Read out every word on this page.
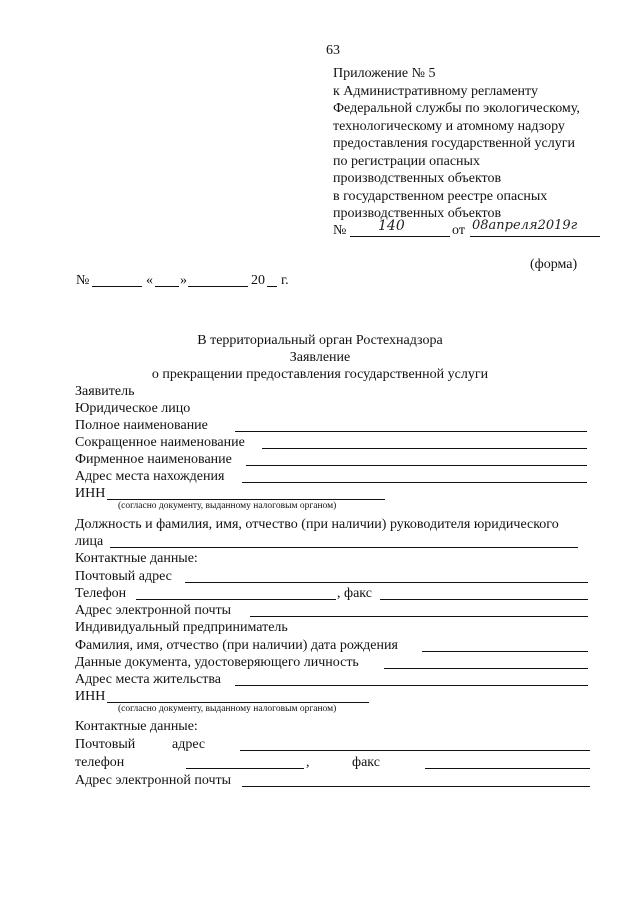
63
Приложение № 5
к Административному регламенту
Федеральной службы по экологическому,
технологическому и атомному надзору
предоставления государственной услуги
по регистрации опасных
производственных объектов
в государственном реестре опасных
производственных объектов
№ 140	от 08апреля2019г
(форма)
№	« »	20 г.
В территориальный орган Ростехнадзора
Заявление
о прекращении предоставления государственной услуги
Заявитель
Юридическое лицо
Полное наименование
Сокращенное наименование
Фирменное наименование
Адрес места нахождения
ИНН
(согласно документу, выданному налоговым органом)
Должность и фамилия, имя, отчество (при наличии) руководителя юридического
лица
Контактные данные:
Почтовый адрес
Телефон	, факс
Адрес электронной почты
Индивидуальный предприниматель
Фамилия, имя, отчество (при наличии) дата рождения
Данные документа, удостоверяющего личность
Адрес места жительства
ИНН
(согласно документу, выданному налоговым органом)
Контактные данные:
Почтовый	адрес
телефон	,	факс
Адрес электронной почты
